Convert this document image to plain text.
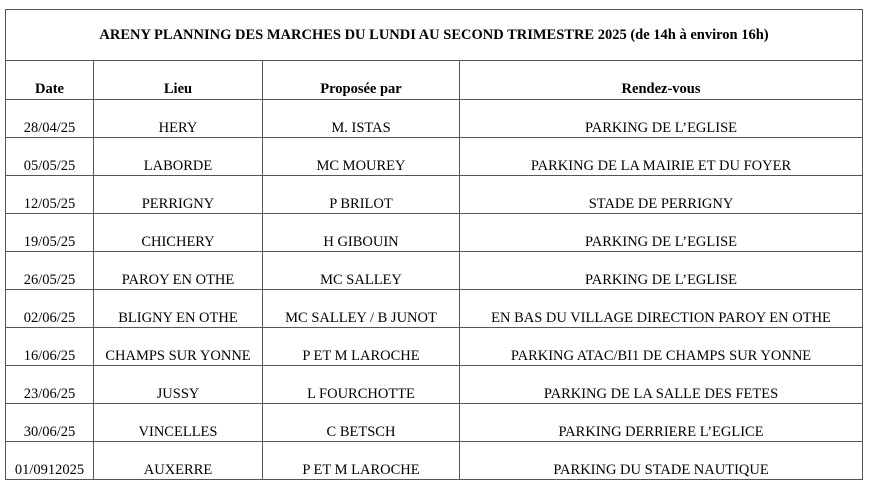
ARENY PLANNING DES MARCHES DU LUNDI AU SECOND TRIMESTRE 2025 (de 14h à environ 16h)			
Date	Lieu	Proposée par	Rendez-vous
28/04/25	HERY	M. ISTAS	PARKING DE L’EGLISE
05/05/25	LABORDE	MC MOUREY	PARKING DE LA MAIRIE ET DU FOYER
12/05/25	PERRIGNY	P BRILOT	STADE DE PERRIGNY
19/05/25	CHICHERY	H GIBOUIN	PARKING DE L’EGLISE
26/05/25	PAROY EN OTHE	MC SALLEY	PARKING DE L’EGLISE
02/06/25	BLIGNY EN OTHE	MC SALLEY / B JUNOT	EN BAS DU VILLAGE DIRECTION PAROY EN OTHE
16/06/25	CHAMPS SUR YONNE	P ET M LAROCHE	PARKING ATAC/BI1 DE CHAMPS SUR YONNE
23/06/25	JUSSY	L FOURCHOTTE	PARKING DE LA SALLE DES FETES
30/06/25	VINCELLES	C BETSCH	PARKING DERRIERE L’EGLICE
01/0912025	AUXERRE	P ET M LAROCHE	PARKING DU STADE NAUTIQUE
